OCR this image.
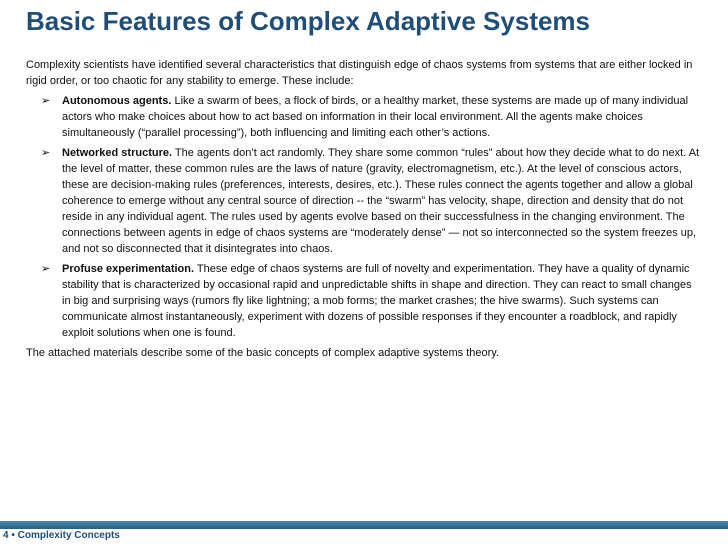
Basic Features of Complex Adaptive Systems

Complexity scientists have identified several characteristics that distinguish edge of chaos systems from systems that are either locked in rigid order, or too chaotic for any stability to emerge. These include:

➢ Autonomous agents. Like a swarm of bees, a flock of birds, or a healthy market, these systems are made up of many individual actors who make choices about how to act based on information in their local environment. All the agents make choices simultaneously (“parallel processing”), both influencing and limiting each other’s actions.
➢ Networked structure. The agents don’t act randomly. They share some common “rules” about how they decide what to do next. At the level of matter, these common rules are the laws of nature (gravity, electromagnetism, etc.). At the level of conscious actors, these are decision-making rules (preferences, interests, desires, etc.). These rules connect the agents together and allow a global coherence to emerge without any central source of direction -- the “swarm” has velocity, shape, direction and density that do not reside in any individual agent. The rules used by agents evolve based on their successfulness in the changing environment. The connections between agents in edge of chaos systems are “moderately dense” — not so interconnected so the system freezes up, and not so disconnected that it disintegrates into chaos.
➢ Profuse experimentation. These edge of chaos systems are full of novelty and experimentation. They have a quality of dynamic stability that is characterized by occasional rapid and unpredictable shifts in shape and direction. They can react to small changes in big and surprising ways (rumors fly like lightning; a mob forms; the market crashes; the hive swarms). Such systems can communicate almost instantaneously, experiment with dozens of possible responses if they encounter a roadblock, and rapidly exploit solutions when one is found.

The attached materials describe some of the basic concepts of complex adaptive systems theory.

4 • Complexity Concepts
